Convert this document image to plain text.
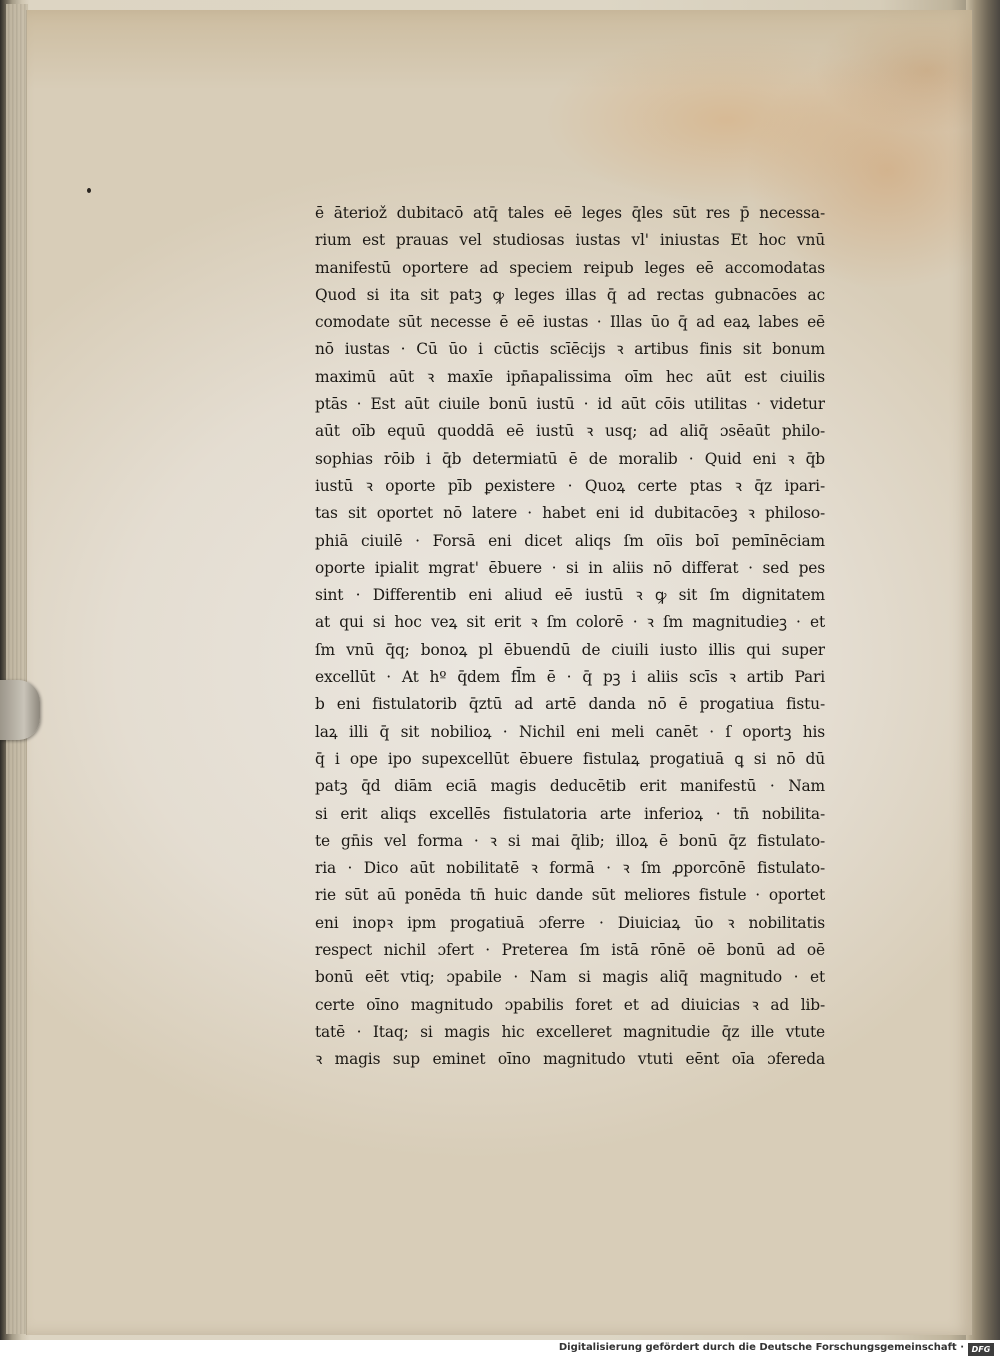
ē āteriož dubitacō atq̄ tales eē leges q̄les sūt res p̄ necessa-
rium est prauas vel studiosas iustas vl' iniustas Et hoc vnū
manifestū oportere ad speciem reipub leges eē accomodatas
Quod si ita sit patꝫ ꝙ leges illas q̄ ad rectas gubnacōes ac
comodate sūt necesse ē eē iustas · Illas ūo q̄ ad eaꝝ labes eē
nō iustas · Cū ūo i cūctis scīēcijs ꝛ artibus finis sit bonum
maximū aūt ꝛ maxīe ipn̄apalissima oīm hec aūt est ciuilis
ptās · Est aūt ciuile bonū iustū · id aūt cōis utilitas · videtur
aūt oīb equū quoddā eē iustū ꝛ usq; ad aliq̄ ɔsēaūt philo-
sophias rōib i q̄b determiatū ē de moralib · Quid eni ꝛ q̄b
iustū ꝛ oporte pīb ꝑexistere · Quoꝝ certe ptas ꝛ q̄z ipari-
tas sit oportet nō latere · habet eni id dubitacōeꝫ ꝛ philoso-
phiā ciuilē · Forsā eni dicet aliqs ſm oīis boī pemīnēciam
oporte ipialit mgrat' ēbuere · si in aliis nō differat · sed pes
sint · Differentib eni aliud eē iustū ꝛ ꝙ sit ſm dignitatem
at qui si hoc veꝝ sit erit ꝛ ſm colorē · ꝛ ſm magnitudieꝫ · et
ſm vnū q̄q; bonoꝝ pl ēbuendū de ciuili iusto illis qui super
excellūt · At hº q̄dem fl̄m ē · q̄ pꝫ i aliis scīs ꝛ artib Pari
b eni fistulatorib q̄ztū ad artē danda nō ē progatiua fistu-
laꝝ illi q̄ sit nobilioꝝ · Nichil eni meli canēt · ſ oportꝫ his
q̄ i ope ipo supexcellūt ēbuere fistulaꝝ progatiuā ꝗ si nō dū
patꝫ q̄d diām eciā magis deducētib erit manifestū · Nam
si erit aliqs excellēs fistulatoria arte inferioꝝ · tn̄ nobilita-
te gn̄is vel forma · ꝛ si mai q̄lib; illoꝝ ē bonū q̄z fistulato-
ria · Dico aūt nobilitatē ꝛ formā · ꝛ ſm ꝓporcōnē fistulato-
rie sūt aū ponēda tn̄ huic dande sūt meliores fistule · oportet
eni inopꝛ ipm progatiuā ɔferre · Diuiciaꝝ ūo ꝛ nobilitatis
respect nichil ɔfert · Preterea ſm istā rōnē oē bonū ad oē
bonū eēt vtiq; ɔpabile · Nam si magis aliq̄ magnitudo · et
certe oīno magnitudo ɔpabilis foret et ad diuicias ꝛ ad lib-
tatē · Itaq; si magis hic excelleret magnitudie q̄z ille vtute
ꝛ magis sup eminet oīno magnitudo vtuti eēnt oīa ɔfereda
Digitalisierung gefördert durch die Deutsche Forschungsgemeinschaft · DFG
